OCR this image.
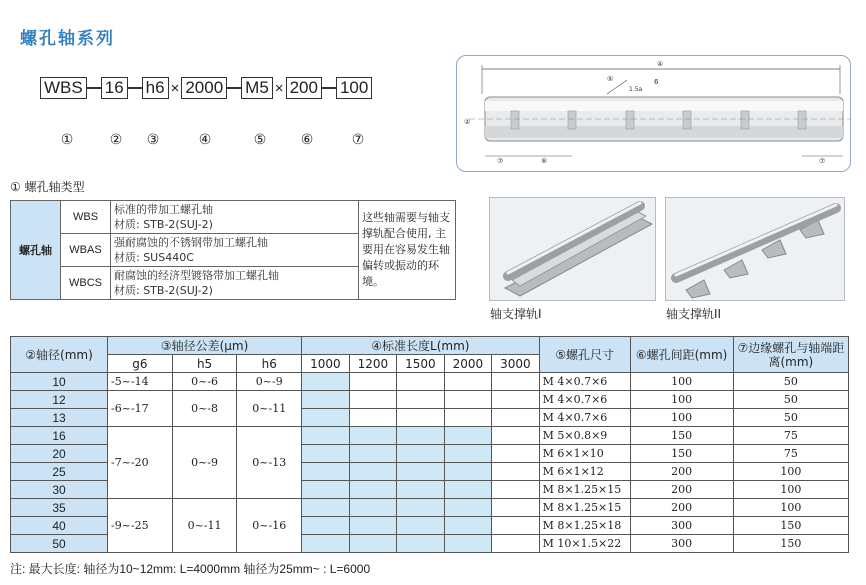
螺孔轴系列
WBS 16 h6 × 2000 M5 × 200 100
①	② ③	④	⑤ ⑥	⑦
④
⑤	6
1.5a
②
⑦	⑥	⑦
① 螺孔轴类型
螺孔轴	WBS	标准的带加工螺孔轴
材质: STB-2(SUJ-2)	这些轴需要与轴支撑轨配合使用, 主要用在容易发生轴偏转或振动的环境。
	WBAS	强耐腐蚀的不锈钢带加工螺孔轴
材质: SUS440C	

	WBCS	耐腐蚀的经济型镀铬带加工螺孔轴
材质: STB-2(SUJ-2)	
轴支撑轨I	轴支撑轨II
②轴径(mm)	③轴径公差(μm)			④标准长度L(mm)					⑤螺孔尺寸	⑥螺孔间距(mm)	⑦边缘螺孔与轴端距离(mm)
	g6	h5	h6	1000	1200	1500	2000	3000			
10	-5~-14	0~-6	0~-9						M 4×0.7×6	100	50
12	-6~-17	0~-8	0~-11						M 4×0.7×6	100	50
13									M 4×0.7×6	100	50
16	-7~-20	0~-9	0~-13						M 5×0.8×9	150	75
20									M 6×1×10	150	75
25									M 6×1×12	200	100
30									M 8×1.25×15	200	100
35	-9~-25	0~-11	0~-16						M 8×1.25×15	200	100
40									M 8×1.25×18	300	150
50									M 10×1.5×22	300	150
注: 最大长度: 轴径为10~12mm: L=4000mm 轴径为25mm~ : L=6000
